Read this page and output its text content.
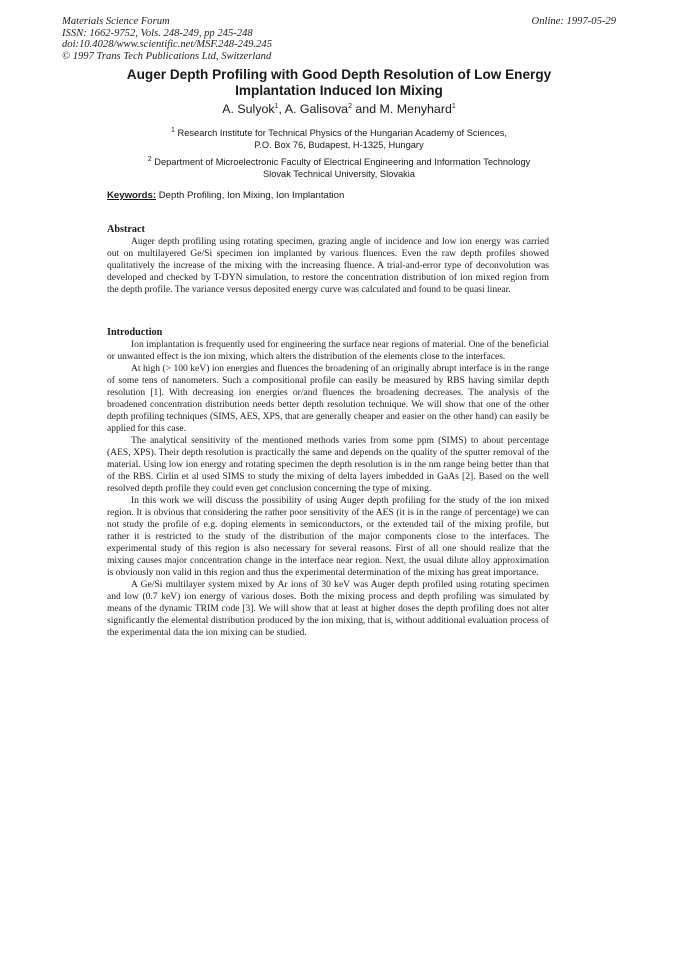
Materials Science Forum
ISSN: 1662-9752, Vols. 248-249, pp 245-248
doi:10.4028/www.scientific.net/MSF.248-249.245
© 1997 Trans Tech Publications Ltd, Switzerland
Online: 1997-05-29
Auger Depth Profiling with Good Depth Resolution of Low Energy Implantation Induced Ion Mixing
A. Sulyok$^1$, A. Galisova$^2$ and M. Menyhard$^1$
$^1$ Research Institute for Technical Physics of the Hungarian Academy of Sciences,
P.O. Box 76, Budapest, H-1325, Hungary
$^2$ Department of Microelectronic Faculty of Electrical Engineering and Information Technology
Slovak Technical University, Slovakia
Keywords: Depth Profiling, Ion Mixing, Ion Implantation
Abstract

Auger depth profiling using rotating specimen, grazing angle of incidence and low ion energy was carried out on multilayered Ge/Si specimen ion implanted by various fluences. Even the raw depth profiles showed qualitatively the increase of the mixing with the increasing fluence. A trial-and-error type of deconvolution was developed and checked by T-DYN simulation, to restore the concentration distribution of ion mixed region from the depth profile. The variance versus deposited energy curve was calculated and found to be quasi linear.

Introduction

Ion implantation is frequently used for engineering the surface near regions of material. One of the beneficial or unwanted effect is the ion mixing, which alters the distribution of the elements close to the interfaces.

At high (> 100 keV) ion energies and fluences the broadening of an originally abrupt interface is in the range of some tens of nanometers. Such a compositional profile can easily be measured by RBS having similar depth resolution [1]. With decreasing ion energies or/and fluences the broadening decreases. The analysis of the broadened concentration distribution needs better depth resolution technique. We will show that one of the other depth profiling techniques (SIMS, AES, XPS, that are generally cheaper and easier on the other hand) can easily be applied for this case.

The analytical sensitivity of the mentioned methods varies from some ppm (SIMS) to about percentage (AES, XPS). Their depth resolution is practically the same and depends on the quality of the sputter removal of the material. Using low ion energy and rotating specimen the depth resolution is in the nm range being better than that of the RBS. Cirlin et al used SIMS to study the mixing of delta layers imbedded in GaAs [2]. Based on the well resolved depth profile they could even get conclusion concerning the type of mixing.

In this work we will discuss the possibility of using Auger depth profiling for the study of the ion mixed region. It is obvious that considering the rather poor sensitivity of the AES (it is in the range of percentage) we can not study the profile of e.g. doping elements in semiconductors, or the extended tail of the mixing profile, but rather it is restricted to the study of the distribution of the major components close to the interfaces. The experimental study of this region is also necessary for several reasons. First of all one should realize that the mixing causes major concentration change in the interface near region. Next, the usual dilute alloy approximation is obviously non valid in this region and thus the experimental determination of the mixing has great importance.

A Ge/Si multilayer system mixed by Ar ions of 30 keV was Auger depth profiled using rotating specimen and low (0.7 keV) ion energy of various doses. Both the mixing process and depth profiling was simulated by means of the dynamic TRIM code [3]. We will show that at least at higher doses the depth profiling does not alter significantly the elemental distribution produced by the ion mixing, that is, without additional evaluation process of the experimental data the ion mixing can be studied.
